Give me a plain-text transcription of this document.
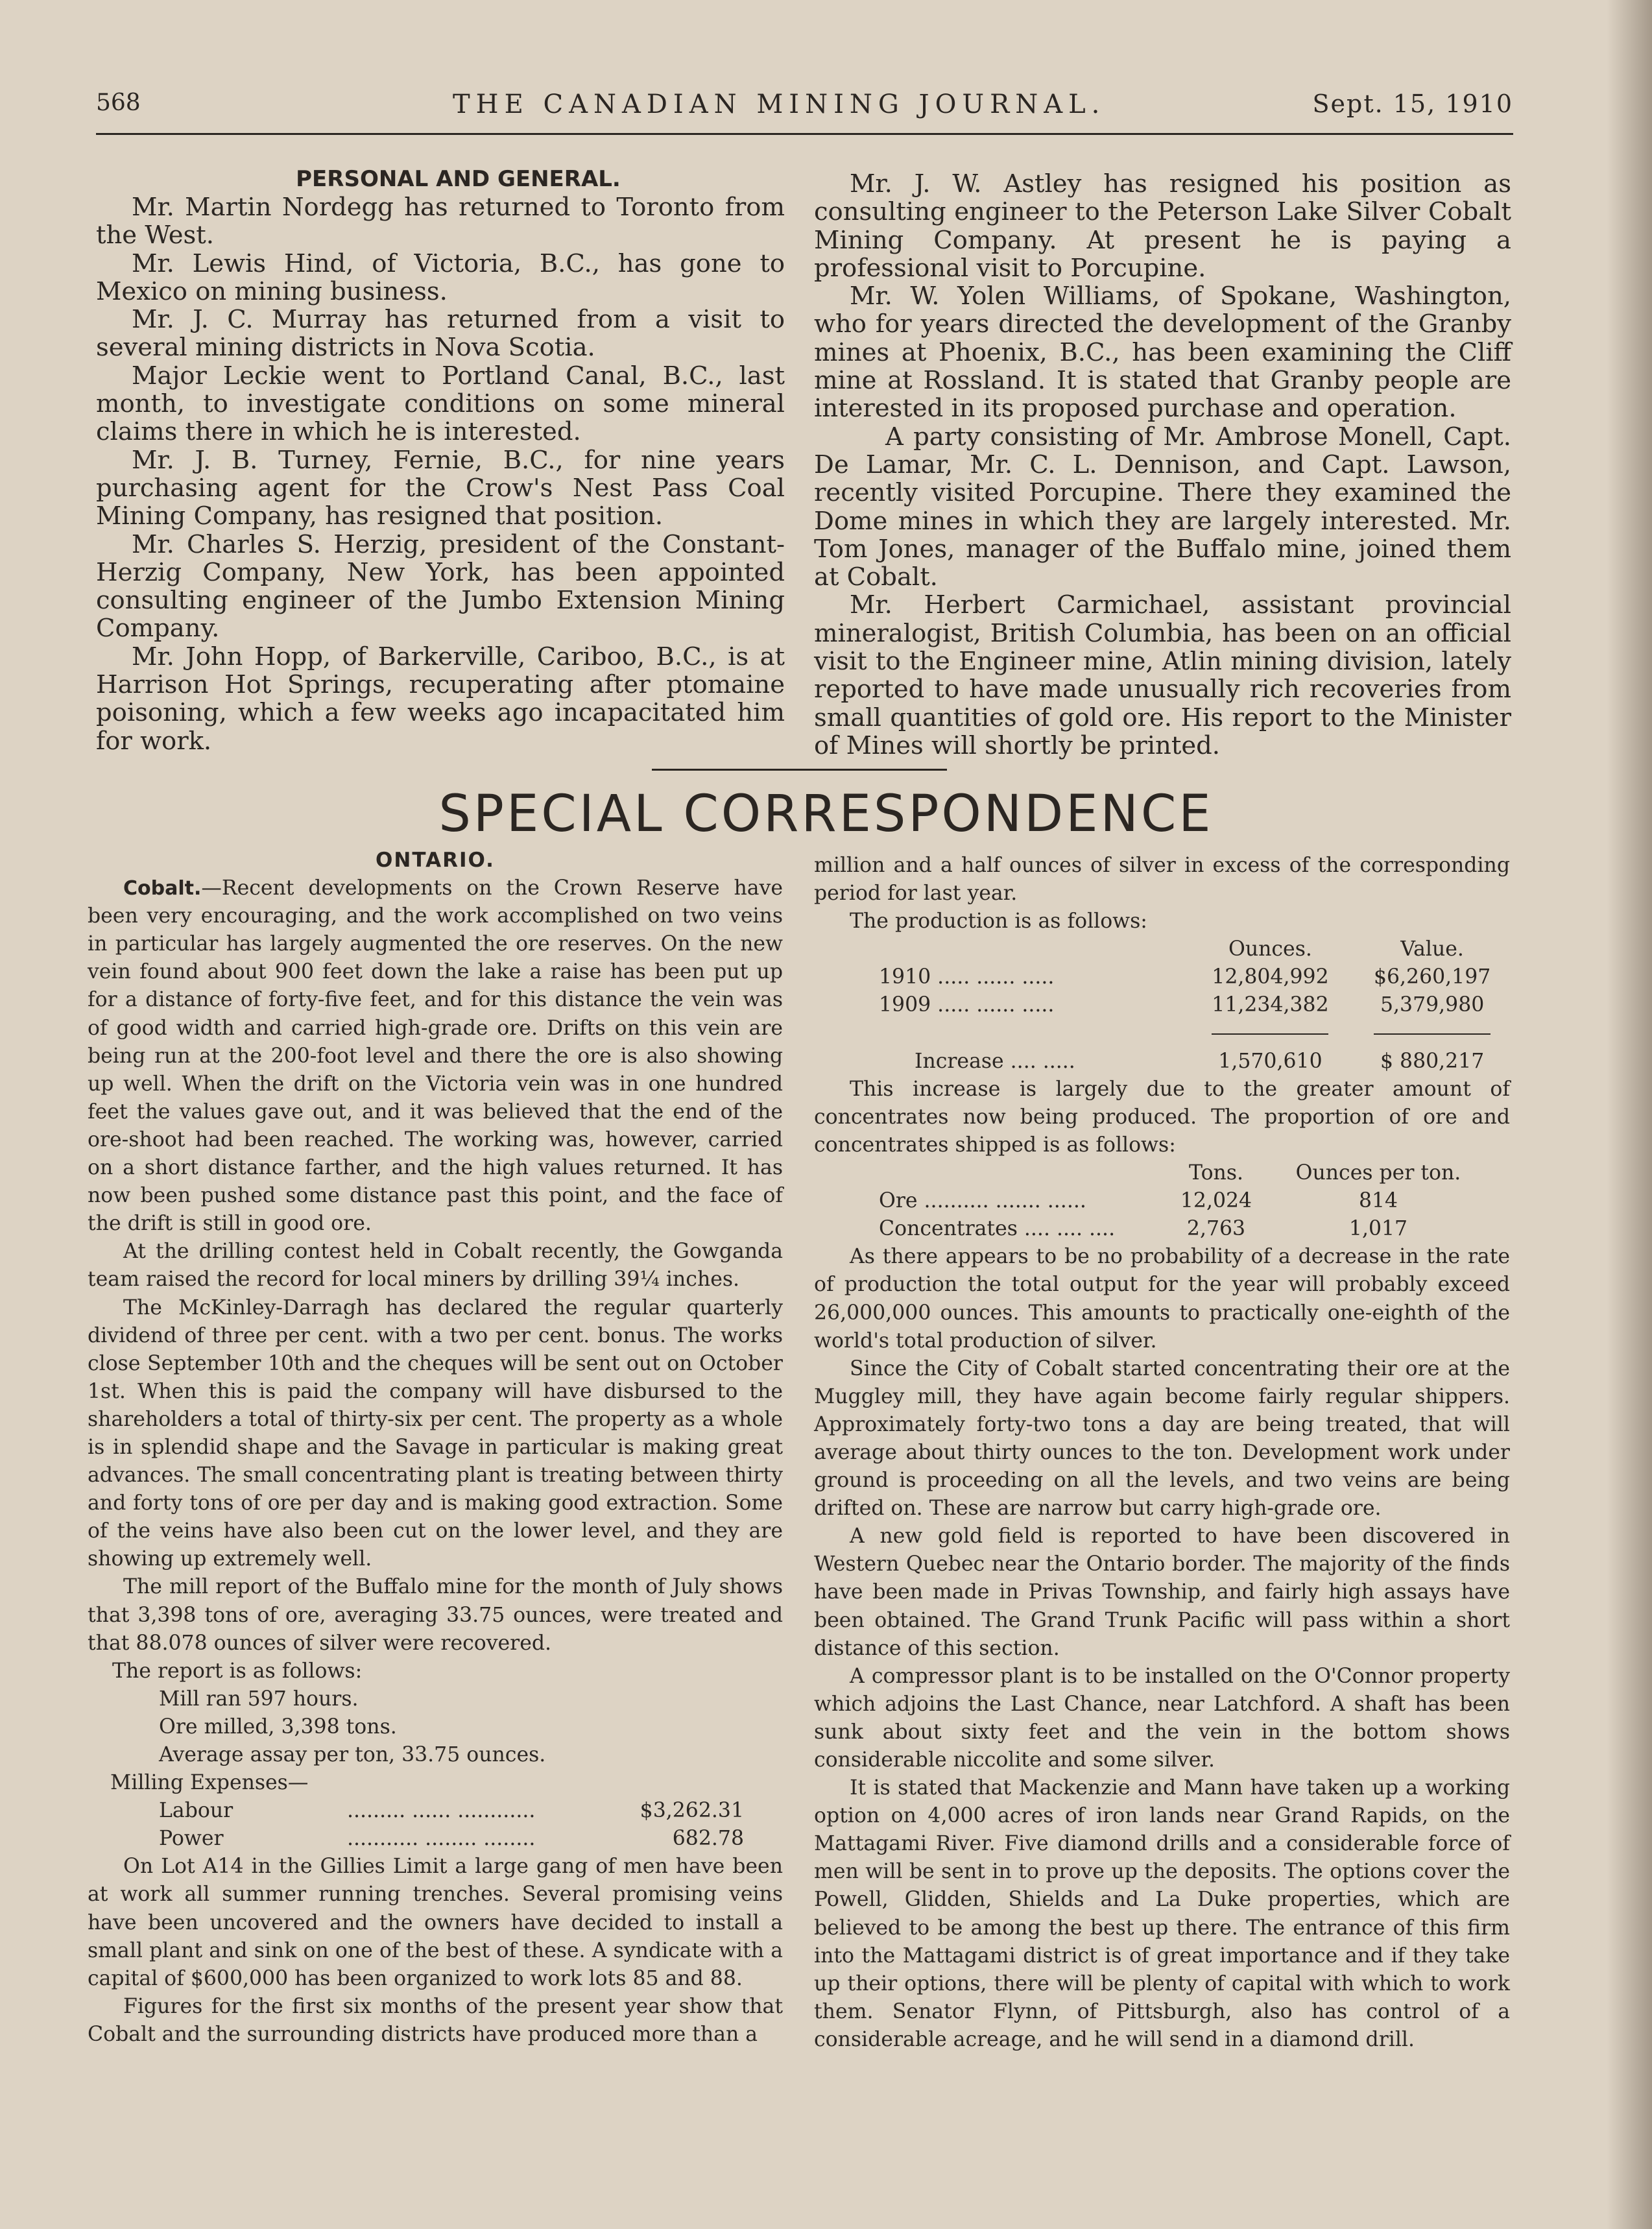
568	THE CANADIAN MINING JOURNAL.	Sept. 15, 1910

PERSONAL AND GENERAL.

Mr. Martin Nordegg has returned to Toronto from the West.

Mr. Lewis Hind, of Victoria, B.C., has gone to Mexico on mining business.

Mr. J. C. Murray has returned from a visit to several mining districts in Nova Scotia.

Major Leckie went to Portland Canal, B.C., last month, to investigate conditions on some mineral claims there in which he is interested.

Mr. J. B. Turney, Fernie, B.C., for nine years purchasing agent for the Crow's Nest Pass Coal Mining Company, has resigned that position.

Mr. Charles S. Herzig, president of the Constant-Herzig Company, New York, has been appointed consulting engineer of the Jumbo Extension Mining Company.

Mr. John Hopp, of Barkerville, Cariboo, B.C., is at Harrison Hot Springs, recuperating after ptomaine poisoning, which a few weeks ago incapacitated him for work.

Mr. J. W. Astley has resigned his position as consulting engineer to the Peterson Lake Silver Cobalt Mining Company. At present he is paying a professional visit to Porcupine.

Mr. W. Yolen Williams, of Spokane, Washington, who for years directed the development of the Granby mines at Phoenix, B.C., has been examining the Cliff mine at Rossland. It is stated that Granby people are interested in its proposed purchase and operation.

A party consisting of Mr. Ambrose Monell, Capt. De Lamar, Mr. C. L. Dennison, and Capt. Lawson, recently visited Porcupine. There they examined the Dome mines in which they are largely interested. Mr. Tom Jones, manager of the Buffalo mine, joined them at Cobalt.

Mr. Herbert Carmichael, assistant provincial mineralogist, British Columbia, has been on an official visit to the Engineer mine, Atlin mining division, lately reported to have made unusually rich recoveries from small quantities of gold ore. His report to the Minister of Mines will shortly be printed.

SPECIAL CORRESPONDENCE

ONTARIO.

Cobalt.—Recent developments on the Crown Reserve have been very encouraging, and the work accomplished on two veins in particular has largely augmented the ore reserves. On the new vein found about 900 feet down the lake a raise has been put up for a distance of forty-five feet, and for this distance the vein was of good width and carried high-grade ore. Drifts on this vein are being run at the 200-foot level and there the ore is also showing up well. When the drift on the Victoria vein was in one hundred feet the values gave out, and it was believed that the end of the ore-shoot had been reached. The working was, however, carried on a short distance farther, and the high values returned. It has now been pushed some distance past this point, and the face of the drift is still in good ore.

At the drilling contest held in Cobalt recently, the Gowganda team raised the record for local miners by drilling 39¼ inches.

The McKinley-Darragh has declared the regular quarterly dividend of three per cent. with a two per cent. bonus. The works close September 10th and the cheques will be sent out on October 1st. When this is paid the company will have disbursed to the shareholders a total of thirty-six per cent. The property as a whole is in splendid shape and the Savage in particular is making great advances. The small concentrating plant is treating between thirty and forty tons of ore per day and is making good extraction. Some of the veins have also been cut on the lower level, and they are showing up extremely well.

The mill report of the Buffalo mine for the month of July shows that 3,398 tons of ore, averaging 33.75 ounces, were treated and that 88.078 ounces of silver were recovered.

The report is as follows:

Mill ran 597 hours.

Ore milled, 3,398 tons.

Average assay per ton, 33.75 ounces.

Milling Expenses—

Labour	......... ...... ............	$3,262.31
Power	........... ........ ........	682.78

On Lot A14 in the Gillies Limit a large gang of men have been at work all summer running trenches. Several promising veins have been uncovered and the owners have decided to install a small plant and sink on one of the best of these. A syndicate with a capital of $600,000 has been organized to work lots 85 and 88.

Figures for the first six months of the present year show that Cobalt and the surrounding districts have produced more than a

million and a half ounces of silver in excess of the corresponding period for last year.

The production is as follows:

	Ounces.	Value.
1910 ..... ...... .....	12,804,992	$6,260,197
1909 ..... ...... .....	11,234,382	5,379,980

Increase .... .....	1,570,610	$ 880,217

This increase is largely due to the greater amount of concentrates now being produced. The proportion of ore and concentrates shipped is as follows:

	Tons.	Ounces per ton.
Ore .......... ....... ......	12,024	814
Concentrates .... .... ....	2,763	1,017

As there appears to be no probability of a decrease in the rate of production the total output for the year will probably exceed 26,000,000 ounces. This amounts to practically one-eighth of the world's total production of silver.

Since the City of Cobalt started concentrating their ore at the Muggley mill, they have again become fairly regular shippers. Approximately forty-two tons a day are being treated, that will average about thirty ounces to the ton. Development work under ground is proceeding on all the levels, and two veins are being drifted on. These are narrow but carry high-grade ore.

A new gold field is reported to have been discovered in Western Quebec near the Ontario border. The majority of the finds have been made in Privas Township, and fairly high assays have been obtained. The Grand Trunk Pacific will pass within a short distance of this section.

A compressor plant is to be installed on the O'Connor property which adjoins the Last Chance, near Latchford. A shaft has been sunk about sixty feet and the vein in the bottom shows considerable niccolite and some silver.

It is stated that Mackenzie and Mann have taken up a working option on 4,000 acres of iron lands near Grand Rapids, on the Mattagami River. Five diamond drills and a considerable force of men will be sent in to prove up the deposits. The options cover the Powell, Glidden, Shields and La Duke properties, which are believed to be among the best up there. The entrance of this firm into the Mattagami district is of great importance and if they take up their options, there will be plenty of capital with which to work them. Senator Flynn, of Pittsburgh, also has control of a considerable acreage, and he will send in a diamond drill.
